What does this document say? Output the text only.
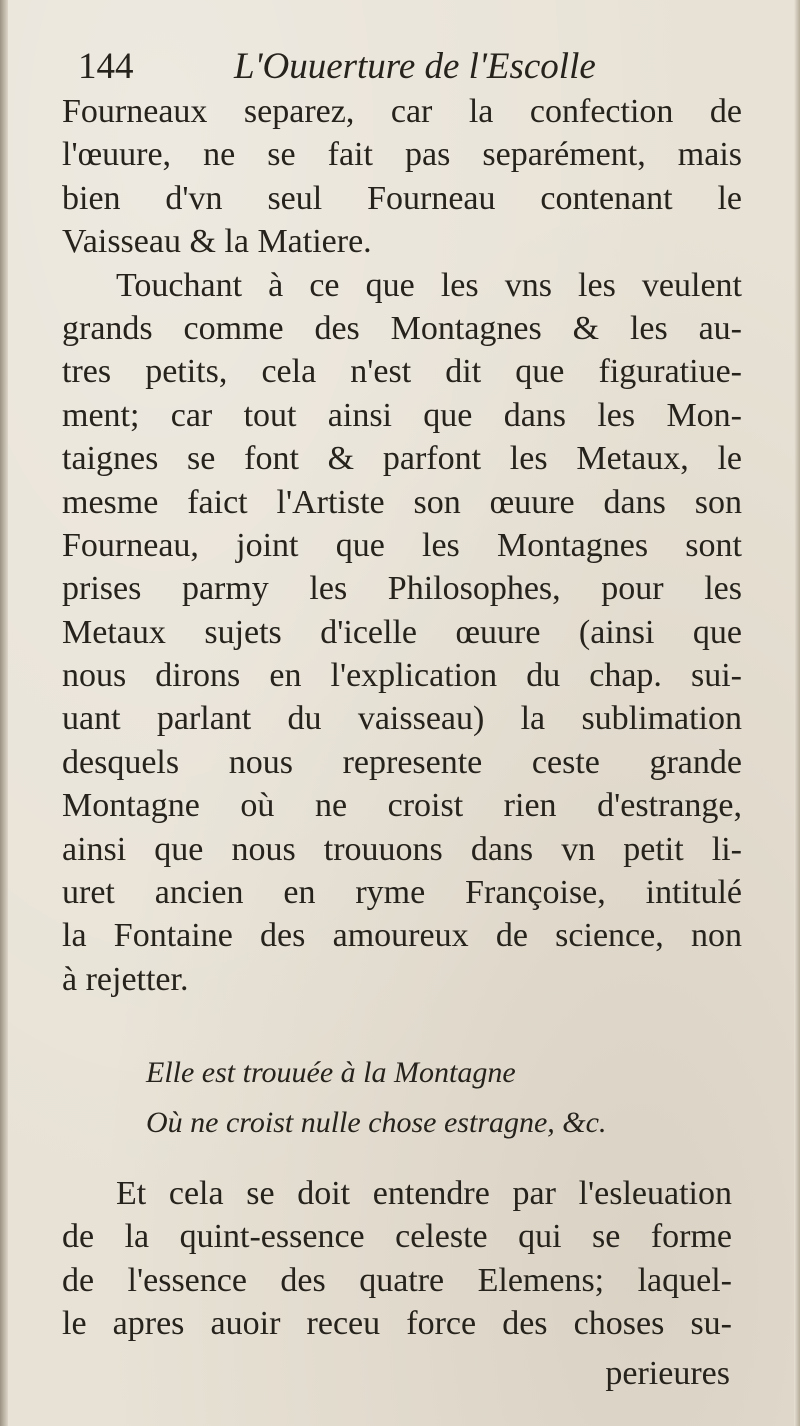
144	L'Ouuerture de l'Escolle
Fourneaux separez, car la confection de
l'œuure, ne se fait pas separément, mais
bien d'vn seul Fourneau contenant le
Vaisseau & la Matiere.
Touchant à ce que les vns les veulent
grands comme des Montagnes & les au-
tres petits, cela n'est dit que figuratiue-
ment; car tout ainsi que dans les Mon-
taignes se font & parfont les Metaux, le
mesme faict l'Artiste son œuure dans son
Fourneau, joint que les Montagnes sont
prises parmy les Philosophes, pour les
Metaux sujets d'icelle œuure (ainsi que
nous dirons en l'explication du chap. sui-
uant parlant du vaisseau) la sublimation
desquels nous represente ceste grande
Montagne où ne croist rien d'estrange,
ainsi que nous trouuons dans vn petit li-
uret ancien en ryme Françoise, intitulé
la Fontaine des amoureux de science, non
à rejetter.
Elle est trouuée à la Montagne
Où ne croist nulle chose estragne, &c.
Et cela se doit entendre par l'esleuation
de la quint-essence celeste qui se forme
de l'essence des quatre Elemens; laquel-
le apres auoir receu force des choses su-
perieures
